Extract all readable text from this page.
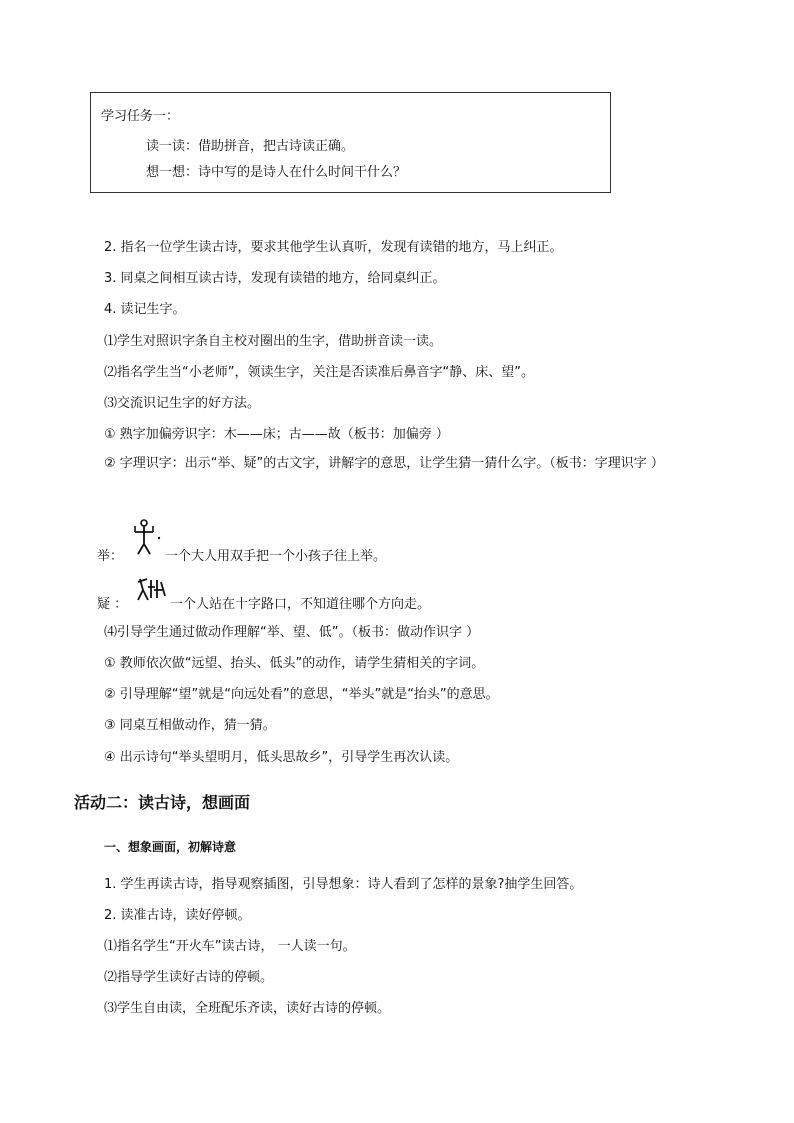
学习任务一：
读一读：借助拼音，把古诗读正确。
想一想：诗中写的是诗人在什么时间干什么？
2. 指名一位学生读古诗，要求其他学生认真听，发现有读错的地方，马上纠正。
3. 同桌之间相互读古诗，发现有读错的地方，给同桌纠正。
4. 读记生字。
⑴学生对照识字条自主校对圈出的生字，借助拼音读一读。
⑵指名学生当“小老师”，领读生字，关注是否读准后鼻音字“静、床、望”。
⑶交流识记生字的好方法。
① 熟字加偏旁识字：木——床；古——故（板书：加偏旁 ）
② 字理识字：出示“举、疑”的古文字，讲解字的意思，让学生猜一猜什么字。（板书：字理识字 ）
举：	一个大人用双手把一个小孩子往上举。
疑 ：	一个人站在十字路口，不知道往哪个方向走。
⑷引导学生通过做动作理解“举、望、低”。（板书：做动作识字 ）
① 教师依次做“远望、抬头、低头”的动作，请学生猜相关的字词。
② 引导理解“望”就是“向远处看”的意思，“举头”就是“抬头”的意思。
③ 同桌互相做动作，猜一猜。
④ 出示诗句“举头望明月，低头思故乡”，引导学生再次认读。
活动二：读古诗，想画面
一、想象画面，初解诗意
1. 学生再读古诗，指导观察插图，引导想象：诗人看到了怎样的景象?抽学生回答。
2. 读准古诗，读好停顿。
⑴指名学生“开火车”读古诗， 一人读一句。
⑵指导学生读好古诗的停顿。
⑶学生自由读，全班配乐齐读，读好古诗的停顿。
